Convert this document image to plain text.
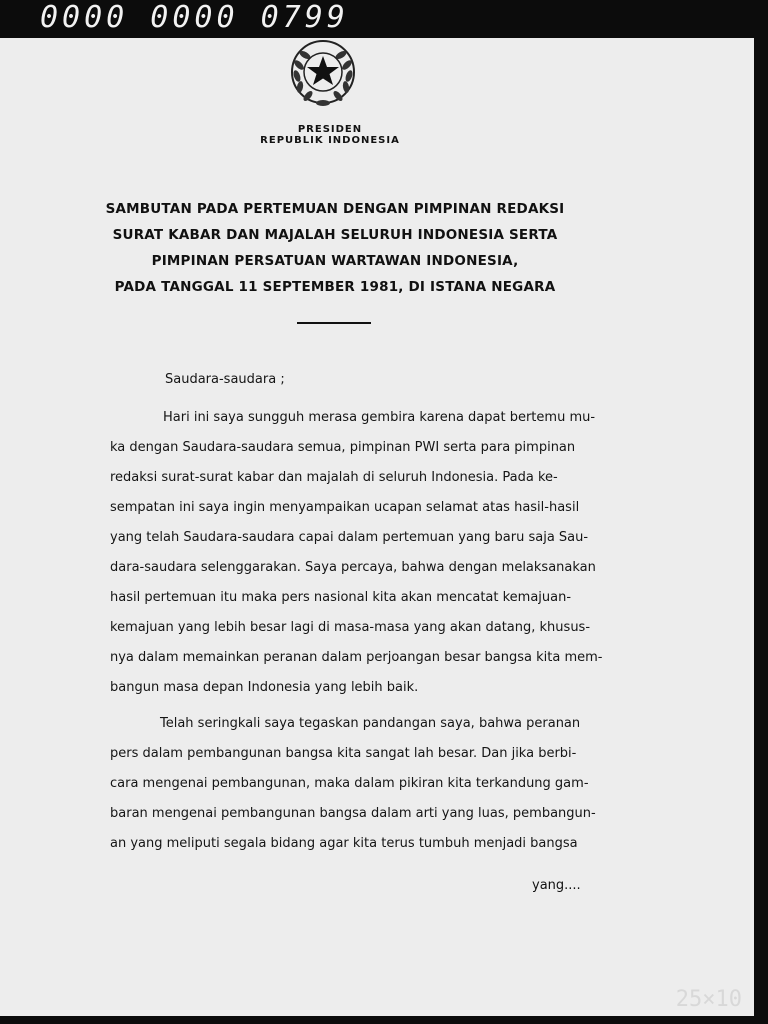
0000 0000 0799

PRESIDEN

REPUBLIK INDONESIA

SAMBUTAN PADA PERTEMUAN DENGAN PIMPINAN REDAKSI
SURAT KABAR DAN MAJALAH SELURUH INDONESIA SERTA
PIMPINAN PERSATUAN WARTAWAN INDONESIA,
PADA TANGGAL 11 SEPTEMBER 1981, DI ISTANA NEGARA
Saudara-saudara ;
Hari ini saya sungguh merasa gembira karena dapat bertemu mu-
ka dengan Saudara-saudara semua, pimpinan PWI serta para pimpinan
redaksi surat-surat kabar dan majalah di seluruh Indonesia. Pada ke-
sempatan ini saya ingin menyampaikan ucapan selamat atas hasil-hasil
yang telah Saudara-saudara capai dalam pertemuan yang baru saja Sau-
dara-saudara selenggarakan. Saya percaya, bahwa dengan melaksanakan
hasil pertemuan itu maka pers nasional kita akan mencatat kemajuan-
kemajuan yang lebih besar lagi di masa-masa yang akan datang, khusus-
nya dalam memainkan peranan dalam perjoangan besar bangsa kita mem-
bangun masa depan Indonesia yang lebih baik.
Telah seringkali saya tegaskan pandangan saya, bahwa peranan
pers dalam pembangunan bangsa kita sangat lah besar. Dan jika berbi-
cara mengenai pembangunan, maka dalam pikiran kita terkandung gam-
baran mengenai pembangunan bangsa dalam arti yang luas, pembangun-
an yang meliputi segala bidang agar kita terus tumbuh menjadi bangsa
yang....
25×10
